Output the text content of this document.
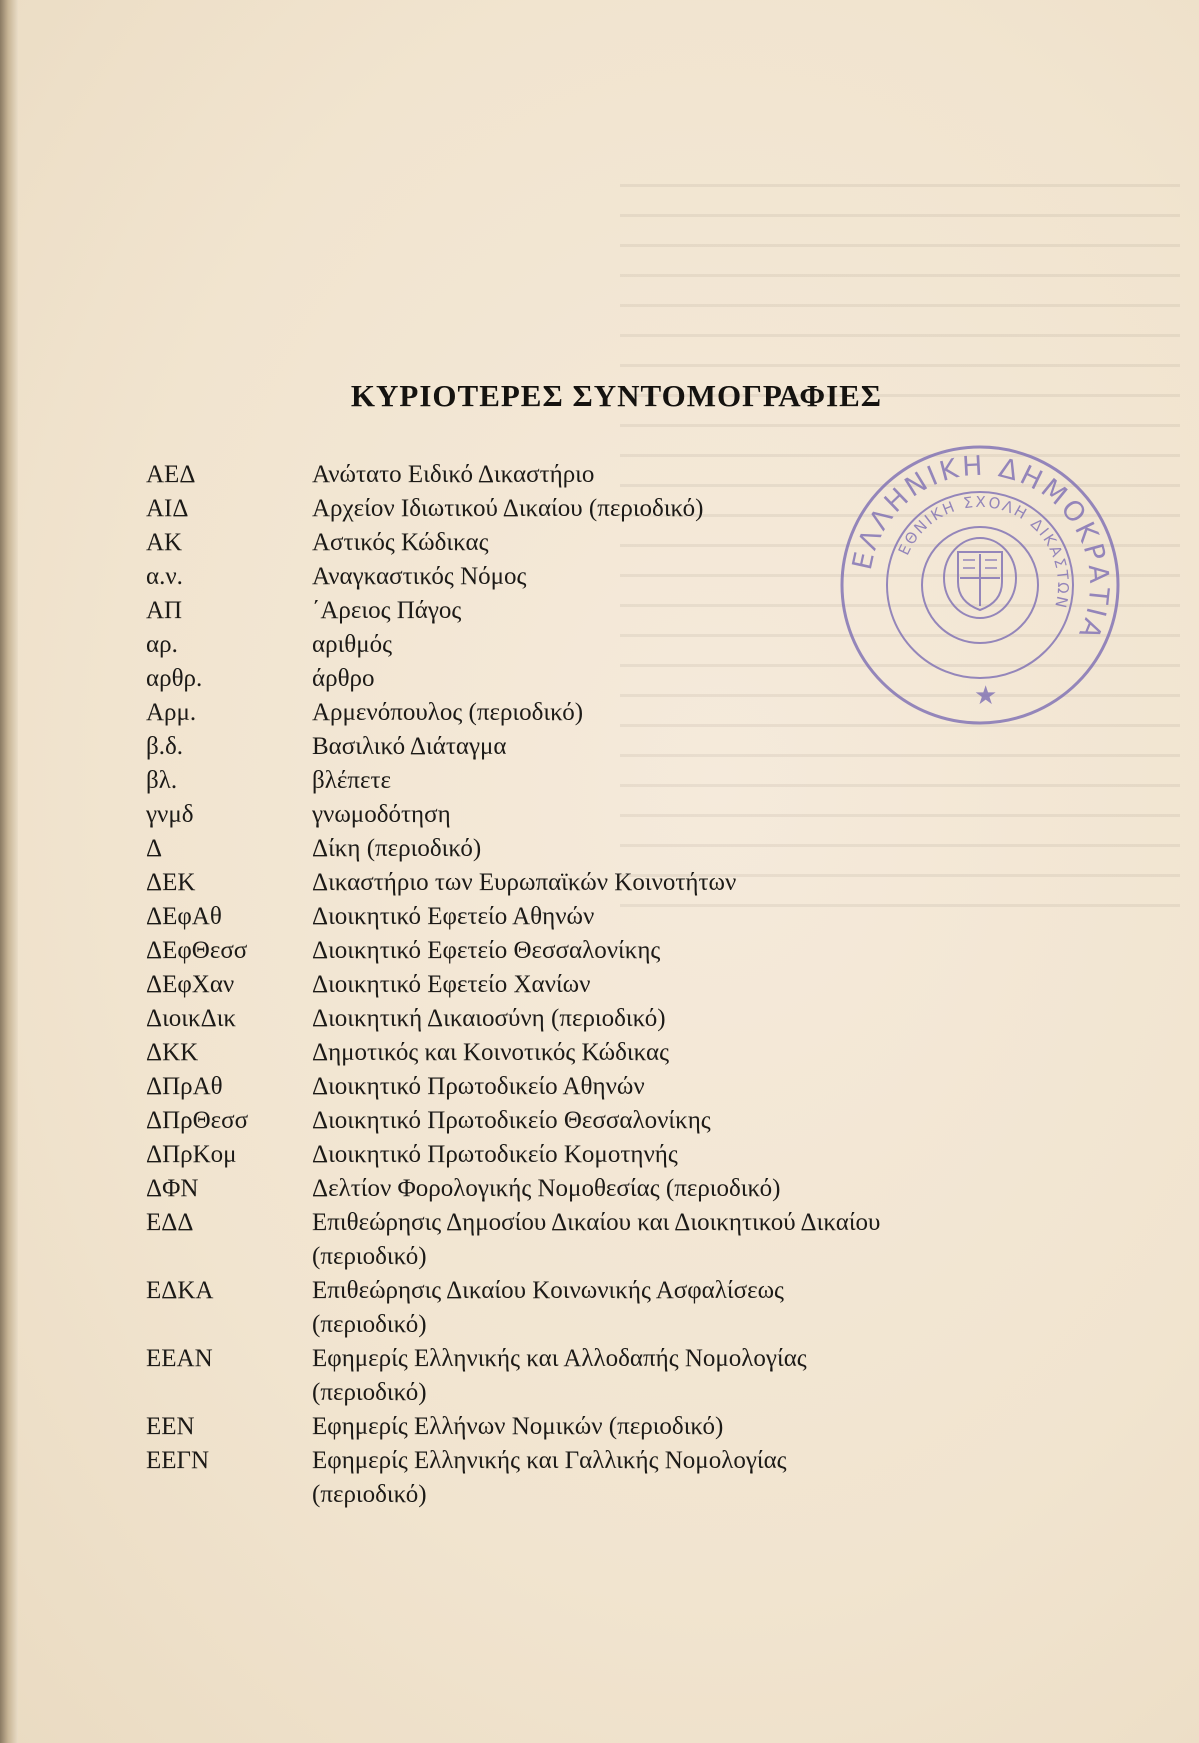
ΚΥΡΙΟΤΕΡΕΣ ΣΥΝΤΟΜΟΓΡΑΦΙΕΣ
ΑΕΔ	Ανώτατο Ειδικό Δικαστήριο
ΑΙΔ	Αρχείον Ιδιωτικού Δικαίου (περιοδικό)
ΑΚ	Αστικός Κώδικας
α.ν.	Αναγκαστικός Νόμος
ΑΠ	΄Αρειος Πάγος
αρ.	αριθμός
αρθρ.	άρθρο
Αρμ.	Αρμενόπουλος (περιοδικό)
β.δ.	Βασιλικό Διάταγμα
βλ.	βλέπετε
γνμδ	γνωμοδότηση
Δ	Δίκη (περιοδικό)
ΔΕΚ	Δικαστήριο των Ευρωπαϊκών Κοινοτήτων
ΔΕφΑθ	Διοικητικό Εφετείο Αθηνών
ΔΕφΘεσσ	Διοικητικό Εφετείο Θεσσαλονίκης
ΔΕφΧαν	Διοικητικό Εφετείο Χανίων
ΔιοικΔικ	Διοικητική Δικαιοσύνη (περιοδικό)
ΔΚΚ	Δημοτικός και Κοινοτικός Κώδικας
ΔΠρΑθ	Διοικητικό Πρωτοδικείο Αθηνών
ΔΠρΘεσσ	Διοικητικό Πρωτοδικείο Θεσσαλονίκης
ΔΠρΚομ	Διοικητικό Πρωτοδικείο Κομοτηνής
ΔΦΝ	Δελτίον Φορολογικής Νομοθεσίας (περιοδικό)
ΕΔΔ	Επιθεώρησις Δημοσίου Δικαίου και Διοικητικού Δικαίου
(περιοδικό)
ΕΔΚΑ	Επιθεώρησις Δικαίου Κοινωνικής Ασφαλίσεως
(περιοδικό)
ΕΕΑΝ	Εφημερίς Ελληνικής και Αλλοδαπής Νομολογίας
(περιοδικό)
ΕΕΝ	Εφημερίς Ελλήνων Νομικών (περιοδικό)
ΕΕΓΝ	Εφημερίς Ελληνικής και Γαλλικής Νομολογίας
(περιοδικό)
ΕΛΛΗΝΙΚΗ ΔΗΜΟΚΡΑΤΙΑ
ΕΘΝΙΚΗ ΣΧΟΛΗ ΔΙΚΑΣΤΩΝ
★
